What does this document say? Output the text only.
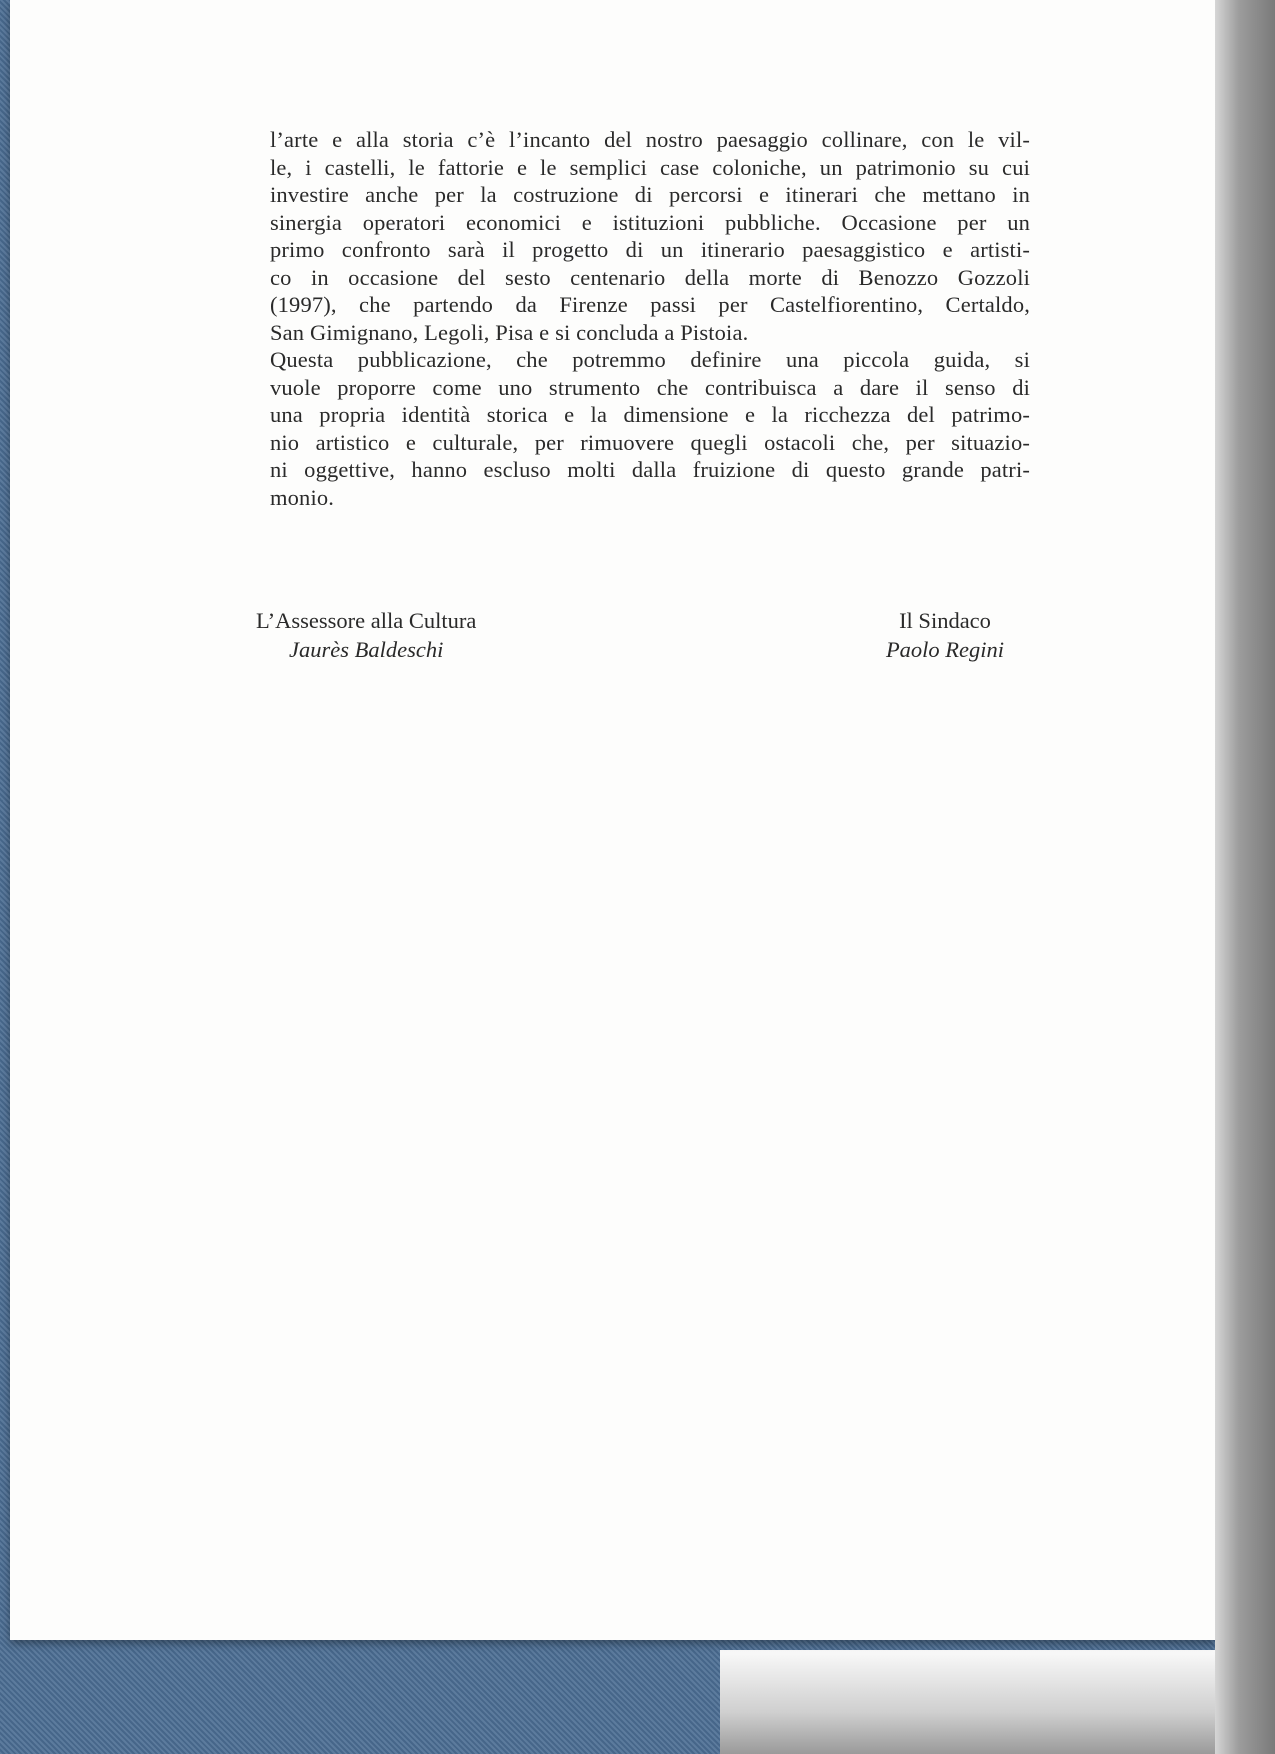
l’arte e alla storia c’è l’incanto del nostro paesaggio collinare, con le vil-
le, i castelli, le fattorie e le semplici case coloniche, un patrimonio su cui
investire anche per la costruzione di percorsi e itinerari che mettano in
sinergia operatori economici e istituzioni pubbliche. Occasione per un
primo confronto sarà il progetto di un itinerario paesaggistico e artisti-
co in occasione del sesto centenario della morte di Benozzo Gozzoli
(1997), che partendo da Firenze passi per Castelfiorentino, Certaldo,
San Gimignano, Legoli, Pisa e si concluda a Pistoia.
Questa pubblicazione, che potremmo definire una piccola guida, si
vuole proporre come uno strumento che contribuisca a dare il senso di
una propria identità storica e la dimensione e la ricchezza del patrimo-
nio artistico e culturale, per rimuovere quegli ostacoli che, per situazio-
ni oggettive, hanno escluso molti dalla fruizione di questo grande patri-
monio.
L’Assessore alla Cultura
Jaurès Baldeschi
Il Sindaco
Paolo Regini
